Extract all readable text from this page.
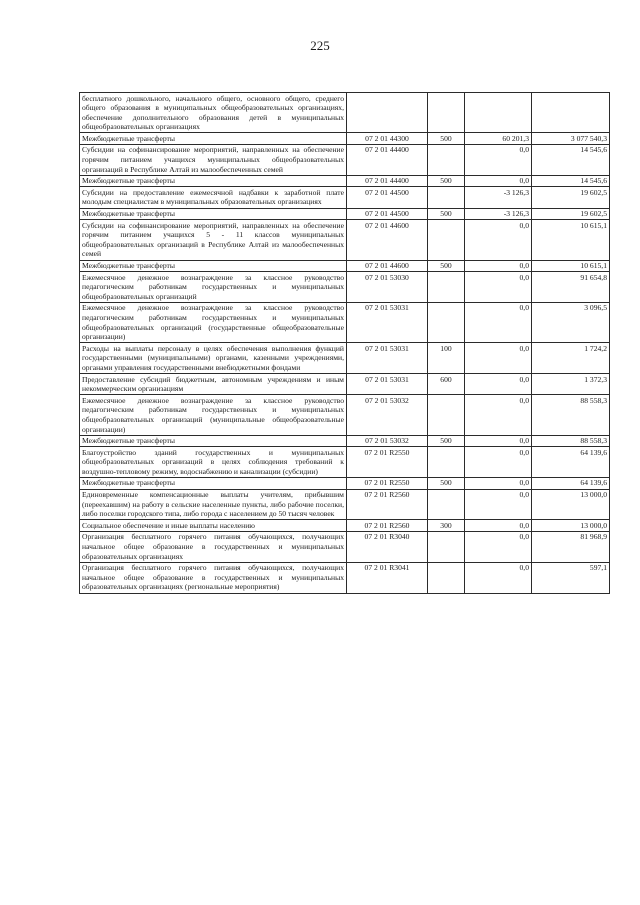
225
бесплатного дошкольного, начального общего, основного общего, среднего общего образования в муниципальных общеобразовательных организациях, обеспечение дополнительного образования детей в муниципальных общеобразовательных организациях				
Межбюджетные трансферты	07 2 01 44300	500	60 201,3	3 077 540,3
Субсидии на софинансирование мероприятий, направленных на обеспечение горячим питанием учащихся муниципальных общеобразовательных организаций в Республике Алтай из малообеспеченных семей	07 2 01 44400		0,0	14 545,6
Межбюджетные трансферты	07 2 01 44400	500	0,0	14 545,6
Субсидии на предоставление ежемесячной надбавки к заработной плате молодым специалистам в муниципальных образовательных организациях	07 2 01 44500		-3 126,3	19 602,5
Межбюджетные трансферты	07 2 01 44500	500	-3 126,3	19 602,5
Субсидии на софинансирование мероприятий, направленных на обеспечение горячим питанием учащихся 5 - 11 классов муниципальных общеобразовательных организаций в Республике Алтай из малообеспеченных семей	07 2 01 44600		0,0	10 615,1
Межбюджетные трансферты	07 2 01 44600	500	0,0	10 615,1
Ежемесячное денежное вознаграждение за классное руководство педагогическим работникам государственных и муниципальных общеобразовательных организаций	07 2 01 53030		0,0	91 654,8
Ежемесячное денежное вознаграждение за классное руководство педагогическим работникам государственных и муниципальных общеобразовательных организаций (государственные общеобразовательные организации)	07 2 01 53031		0,0	3 096,5
Расходы на выплаты персоналу в целях обеспечения выполнения функций государственными (муниципальными) органами, казенными учреждениями, органами управления государственными внебюджетными фондами	07 2 01 53031	100	0,0	1 724,2
Предоставление субсидий бюджетным, автономным учреждениям и иным некоммерческим организациям	07 2 01 53031	600	0,0	1 372,3
Ежемесячное денежное вознаграждение за классное руководство педагогическим работникам государственных и муниципальных общеобразовательных организаций (муниципальные общеобразовательные организации)	07 2 01 53032		0,0	88 558,3
Межбюджетные трансферты	07 2 01 53032	500	0,0	88 558,3
Благоустройство зданий государственных и муниципальных общеобразовательных организаций в целях соблюдения требований к воздушно-тепловому режиму, водоснабжению и канализации (субсидии)	07 2 01 R2550		0,0	64 139,6
Межбюджетные трансферты	07 2 01 R2550	500	0,0	64 139,6
Единовременные компенсационные выплаты учителям, прибывшим (переехавшим) на работу в сельские населенные пункты, либо рабочие поселки, либо поселки городского типа, либо города с населением до 50 тысяч человек	07 2 01 R2560		0,0	13 000,0
Социальное обеспечение и иные выплаты населению	07 2 01 R2560	300	0,0	13 000,0
Организация бесплатного горячего питания обучающихся, получающих начальное общее образование в государственных и муниципальных образовательных организациях	07 2 01 R3040		0,0	81 968,9
Организация бесплатного горячего питания обучающихся, получающих начальное общее образование в государственных и муниципальных образовательных организациях (региональные мероприятия)	07 2 01 R3041		0,0	597,1
